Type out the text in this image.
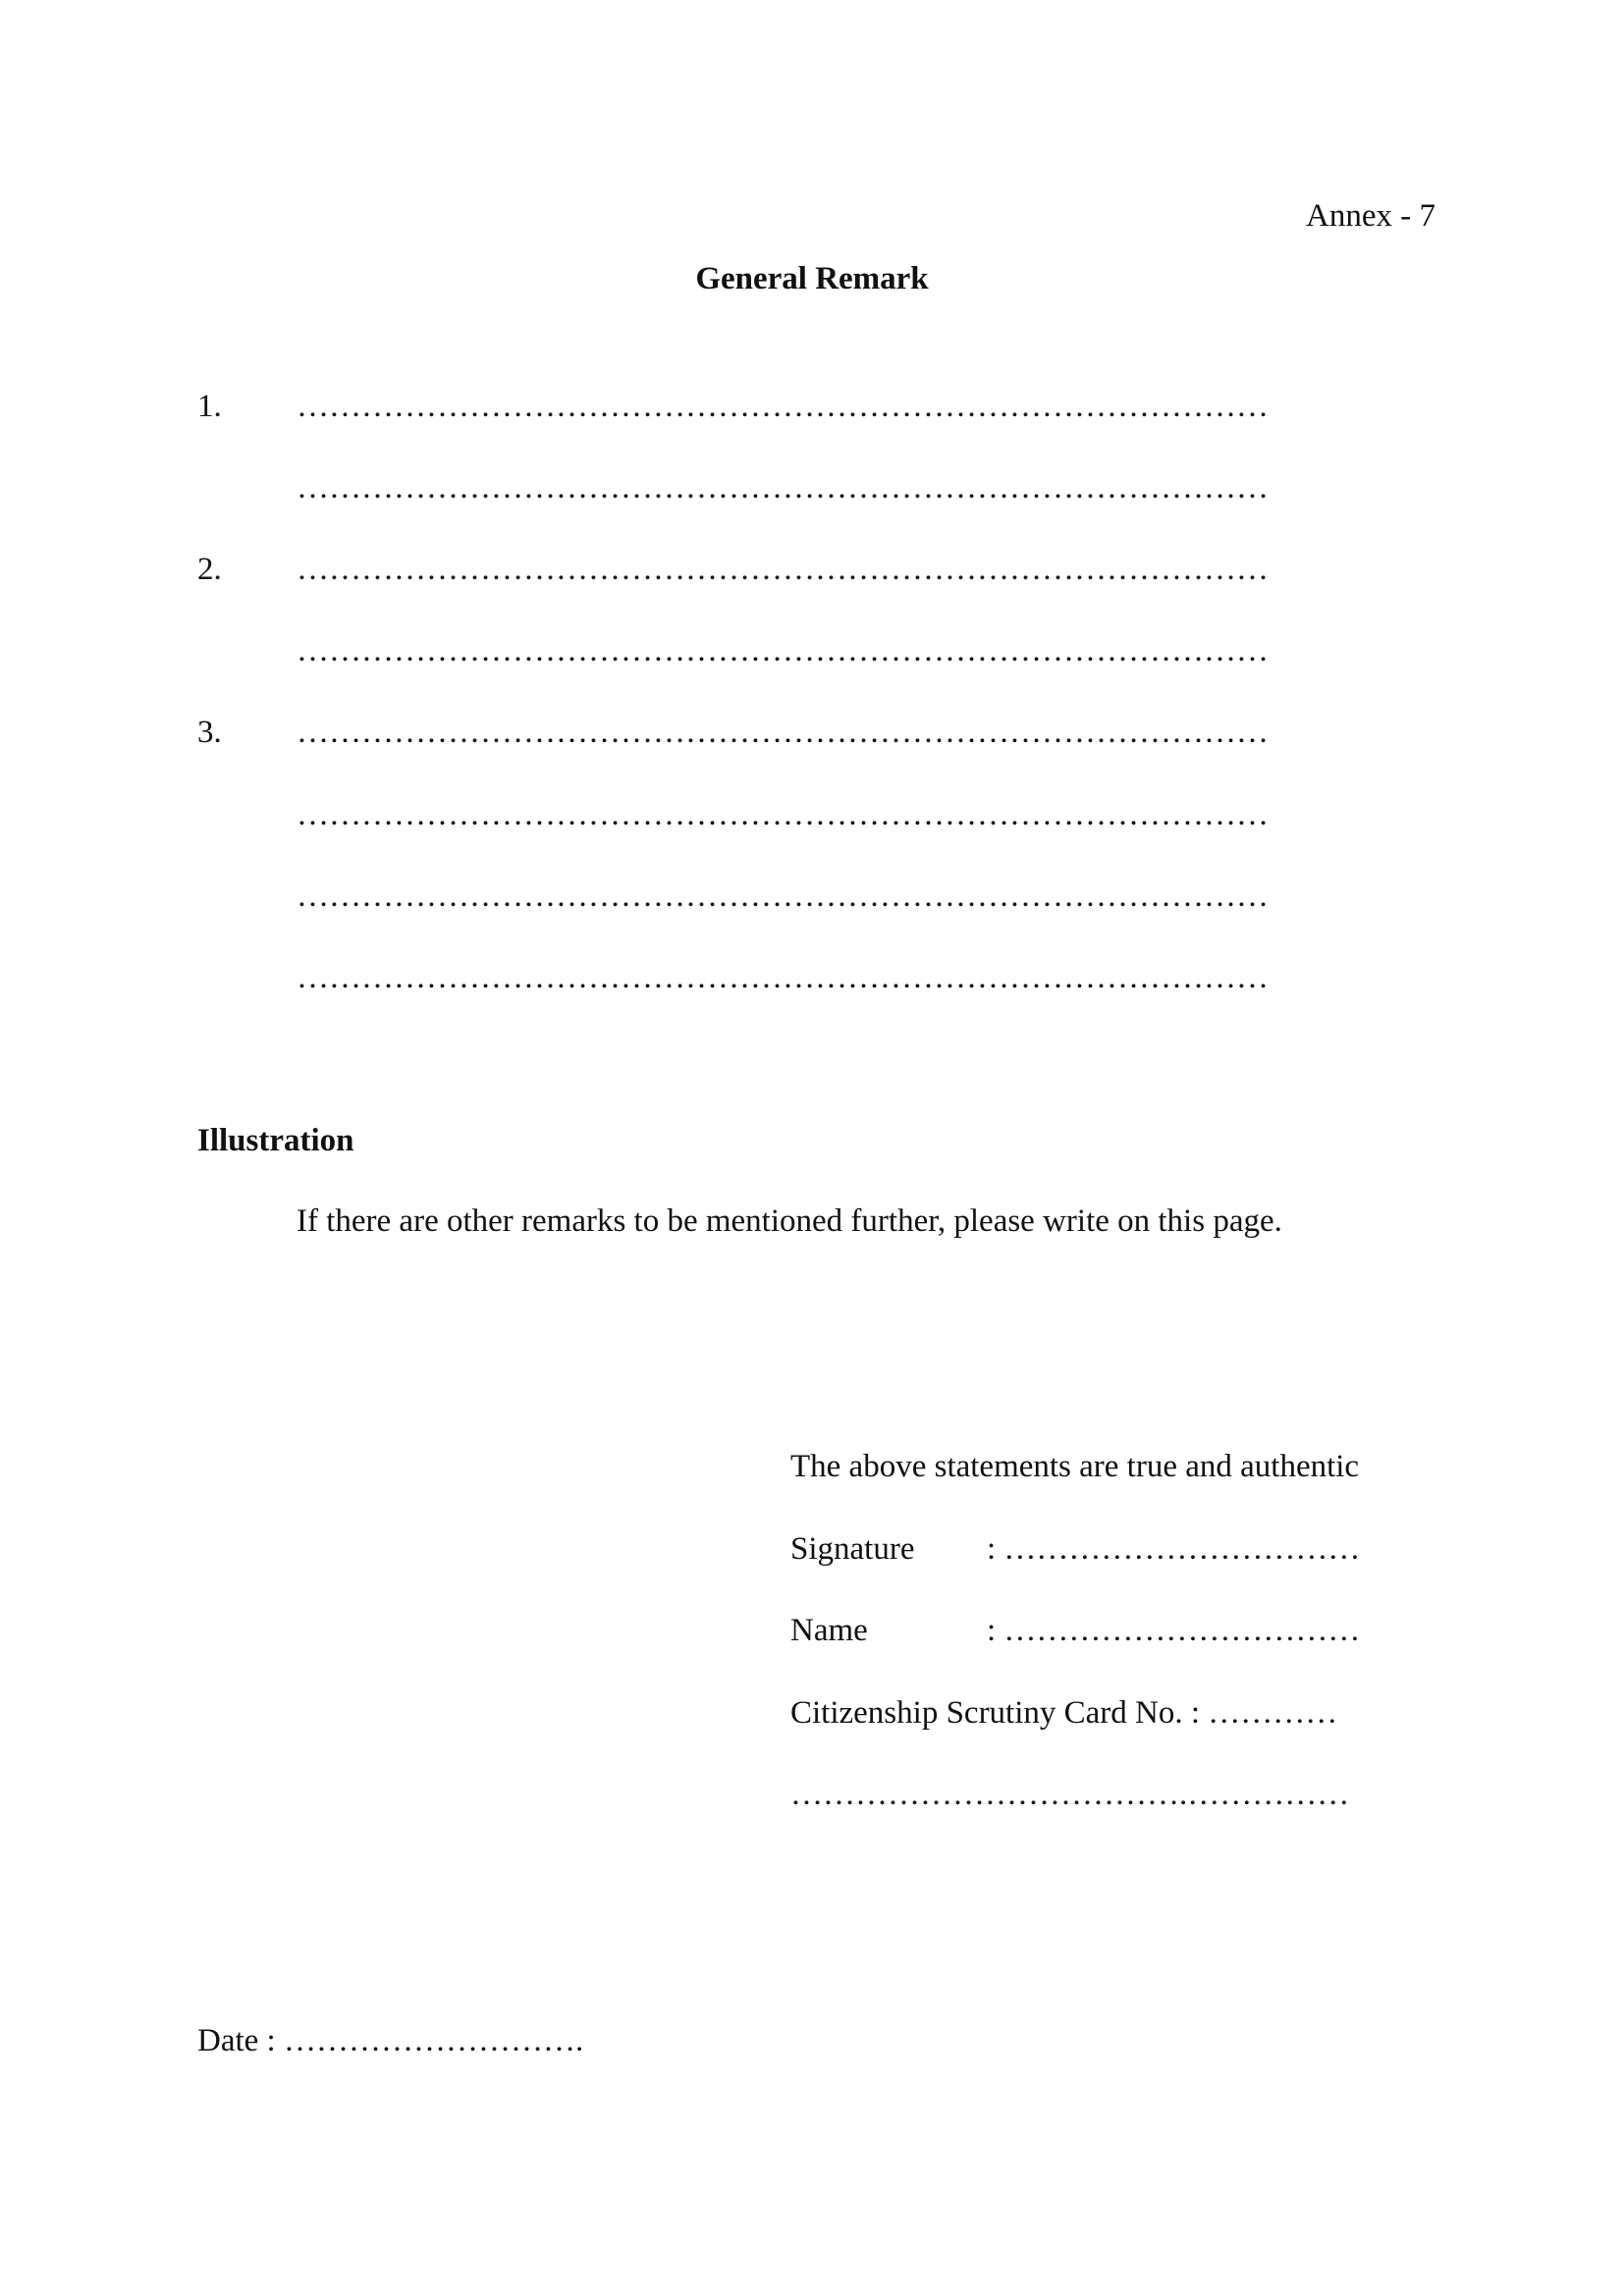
Annex - 7
General Remark
1. ………………………………………………………………………………
………………………………………………………………………………
2. ………………………………………………………………………………
………………………………………………………………………………
3. ………………………………………………………………………………
………………………………………………………………………………
………………………………………………………………………………
………………………………………………………………………………
Illustration
If there are other remarks to be mentioned further, please write on this page.
The above statements are true and authentic
Signature : ……………………………
Name	: ……………………………
Citizenship Scrutiny Card No. : …………
……………………………….……………
Date : ……………………….
